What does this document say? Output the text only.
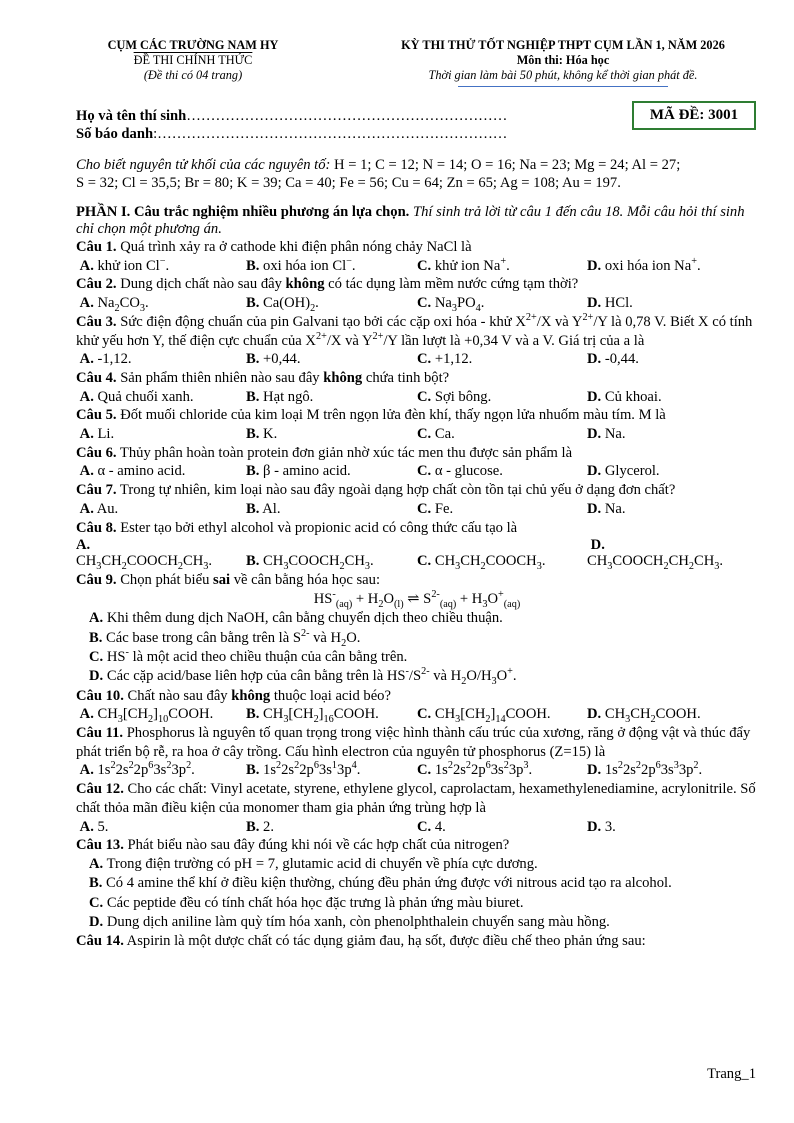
CỤM CÁC TRƯỜNG NAM HY
ĐỀ THI CHÍNH THỨC
(Đề thi có 04 trang)
KỲ THI THỬ TỐT NGHIỆP THPT CỤM LẦN 1, NĂM 2026
Môn thi: Hóa học
Thời gian làm bài 50 phút, không kể thời gian phát đề.
Họ và tên thí sinh…………………………………………………………
Số báo danh:………………………………………………………………
MÃ ĐỀ: 3001
Cho biết nguyên tử khối của các nguyên tố: H = 1; C = 12; N = 14; O = 16; Na = 23; Mg = 24; Al = 27;
S = 32; Cl = 35,5; Br = 80; K = 39; Ca = 40; Fe = 56; Cu = 64; Zn = 65; Ag = 108; Au = 197.
PHẦN I. Câu trắc nghiệm nhiều phương án lựa chọn. Thí sinh trả lời từ câu 1 đến câu 18. Mỗi câu hỏi thí sinh chỉ chọn một phương án.
Câu 1. Quá trình xảy ra ở cathode khi điện phân nóng chảy NaCl là
A. khử ion Cl−.	B. oxi hóa ion Cl−.	C. khử ion Na+.	D. oxi hóa ion Na+.
Câu 2. Dung dịch chất nào sau đây không có tác dụng làm mềm nước cứng tạm thời?
A. $Na_2CO_3$.	B. $Ca(OH)_2$.	C. $Na_3PO_4$.	D. HCl.
Câu 3. Sức điện động chuẩn của pin Galvani tạo bởi các cặp oxi hóa - khử $X^{2+}/X$ và $Y^{2+}/Y$ là 0,78 V. Biết X có tính khử yếu hơn Y, thế điện cực chuẩn của $X^{2+}/X$ và $Y^{2+}/Y$ lần lượt là +0,34 V và a V. Giá trị của a là
A. -1,12.	B. +0,44.	C. +1,12.	D. -0,44.
Câu 4. Sản phẩm thiên nhiên nào sau đây không chứa tinh bột?
A. Quả chuối xanh.	B. Hạt ngô.	C. Sợi bông.	D. Củ khoai.
Câu 5. Đốt muối chloride của kim loại M trên ngọn lửa đèn khí, thấy ngọn lửa nhuốm màu tím. M là
A. Li.	B. K.	C. Ca.	D. Na.
Câu 6. Thủy phân hoàn toàn protein đơn giản nhờ xúc tác men thu được sản phẩm là
A. α - amino acid.	B. β - amino acid.	C. α - glucose.	D. Glycerol.
Câu 7. Trong tự nhiên, kim loại nào sau đây ngoài dạng hợp chất còn tồn tại chủ yếu ở dạng đơn chất?
A. Au.	B. Al.	C. Fe.	D. Na.
Câu 8. Ester tạo bởi ethyl alcohol và propionic acid có công thức cấu tạo là
A.
$CH_3CH_2COOCH_2CH_3$.	B. $CH_3COOCH_2CH_3$.	C. $CH_3CH_2COOCH_3$.
D.
$CH_3COOCH_2CH_2CH_3$.
Câu 9. Chọn phát biểu sai về cân bằng hóa học sau:
$HS^-_{(aq)} + H_2O_{(l)}$ ⇌ $S^{2-}_{(aq)} + H_3O^+_{(aq)}$
A. Khi thêm dung dịch NaOH, cân bằng chuyển dịch theo chiều thuận.
B. Các base trong cân bằng trên là $S^{2-}$ và $H_2O$.
C. HS- là một acid theo chiều thuận của cân bằng trên.
D. Các cặp acid/base liên hợp của cân bằng trên là $HS^-/S^{2-}$ và $H_2O/H_3O^+$.
Câu 10. Chất nào sau đây không thuộc loại acid béo?
A. $CH_3[CH_2]_{10}COOH$.	B. $CH_3[CH_2]_{16}COOH$.	C. $CH_3[CH_2]_{14}COOH$.	D. $CH_3CH_2COOH$.
Câu 11. Phosphorus là nguyên tố quan trọng trong việc hình thành cấu trúc của xương, răng ở động vật và thúc đẩy phát triển bộ rễ, ra hoa ở cây trồng. Cấu hình electron của nguyên tử phosphorus (Z=15) là
A. $1s^22s^22p^63s^23p^2$.	B. $1s^22s^22p^63s^13p^4$.	C. $1s^22s^22p^63s^23p^3$.	D. $1s^22s^22p^63s^33p^2$.
Câu 12. Cho các chất: Vinyl acetate, styrene, ethylene glycol, caprolactam, hexamethylenediamine, acrylonitrile. Số chất thỏa mãn điều kiện của monomer tham gia phản ứng trùng hợp là
A. 5.	B. 2.	C. 4.	D. 3.
Câu 13. Phát biểu nào sau đây đúng khi nói về các hợp chất của nitrogen?
A. Trong điện trường có pH = 7, glutamic acid di chuyển về phía cực dương.
B. Có 4 amine thể khí ở điều kiện thường, chúng đều phản ứng được với nitrous acid tạo ra alcohol.
C. Các peptide đều có tính chất hóa học đặc trưng là phản ứng màu biuret.
D. Dung dịch aniline làm quỳ tím hóa xanh, còn phenolphthalein chuyển sang màu hồng.
Câu 14. Aspirin là một dược chất có tác dụng giảm đau, hạ sốt, được điều chế theo phản ứng sau:
Trang_1
